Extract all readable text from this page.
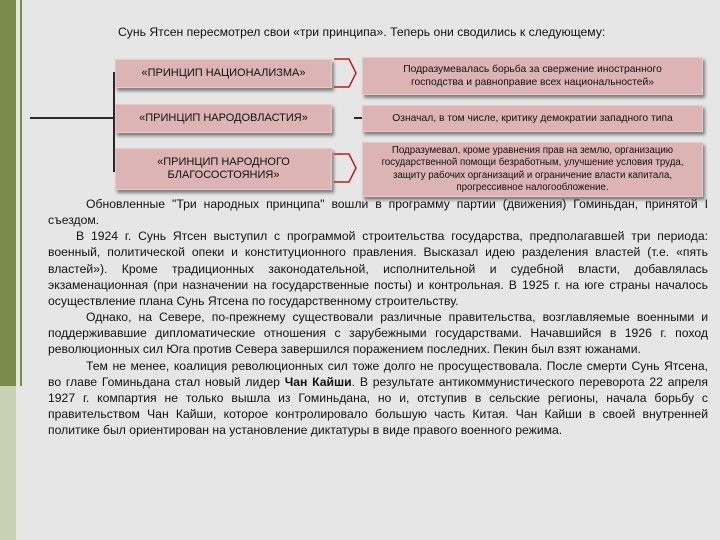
Сунь Ятсен пересмотрел свои «три принципа». Теперь они сводились к следующему:
«ПРИНЦИП НАЦИОНАЛИЗМА»
«ПРИНЦИП НАРОДОВЛАСТИЯ»
«ПРИНЦИП НАРОДНОГО БЛАГОСОСТОЯНИЯ»
Подразумевалась борьба за свержение иностранного господства и равноправие всех национальностей»
Означал, в том числе, критику демократии западного типа
Подразумевал, кроме уравнения прав на землю, организацию государственной помощи безработным, улучшение условия труда, защиту рабочих организаций и ограничение власти капитала, прогрессивное налогообложение.

Обновленные "Три народных принципа" вошли в программу партии (движения) Гоминьдан, принятой I съездом.

В 1924 г. Сунь Ятсен выступил с программой строительства государства, предполагавшей три периода: военный, политической опеки и конституционного правления. Высказал идею разделения властей (т.е. «пять властей»). Кроме традиционных законодательной, исполнительной и судебной власти, добавлялась экзаменационная (при назначении на государственные посты) и контрольная. В 1925 г. на юге страны началось осуществление плана Сунь Ятсена по государственному строительству.

Однако, на Севере, по-прежнему существовали различные правительства, возглавляемые военными и поддерживавшие дипломатические отношения с зарубежными государствами. Начавшийся в 1926 г. поход революционных сил Юга против Севера завершился поражением последних. Пекин был взят южанами.

Тем не менее, коалиция революционных сил тоже долго не просуществовала. После смерти Сунь Ятсена, во главе Гоминьдана стал новый лидер Чан Кайши. В результате антикоммунистического переворота 22 апреля 1927 г. компартия не только вышла из Гоминьдана, но и, отступив в сельские регионы, начала борьбу с правительством Чан Кайши, которое контролировало большую часть Китая. Чан Кайши в своей внутренней политике был ориентирован на установление диктатуры в виде правого военного режима.
